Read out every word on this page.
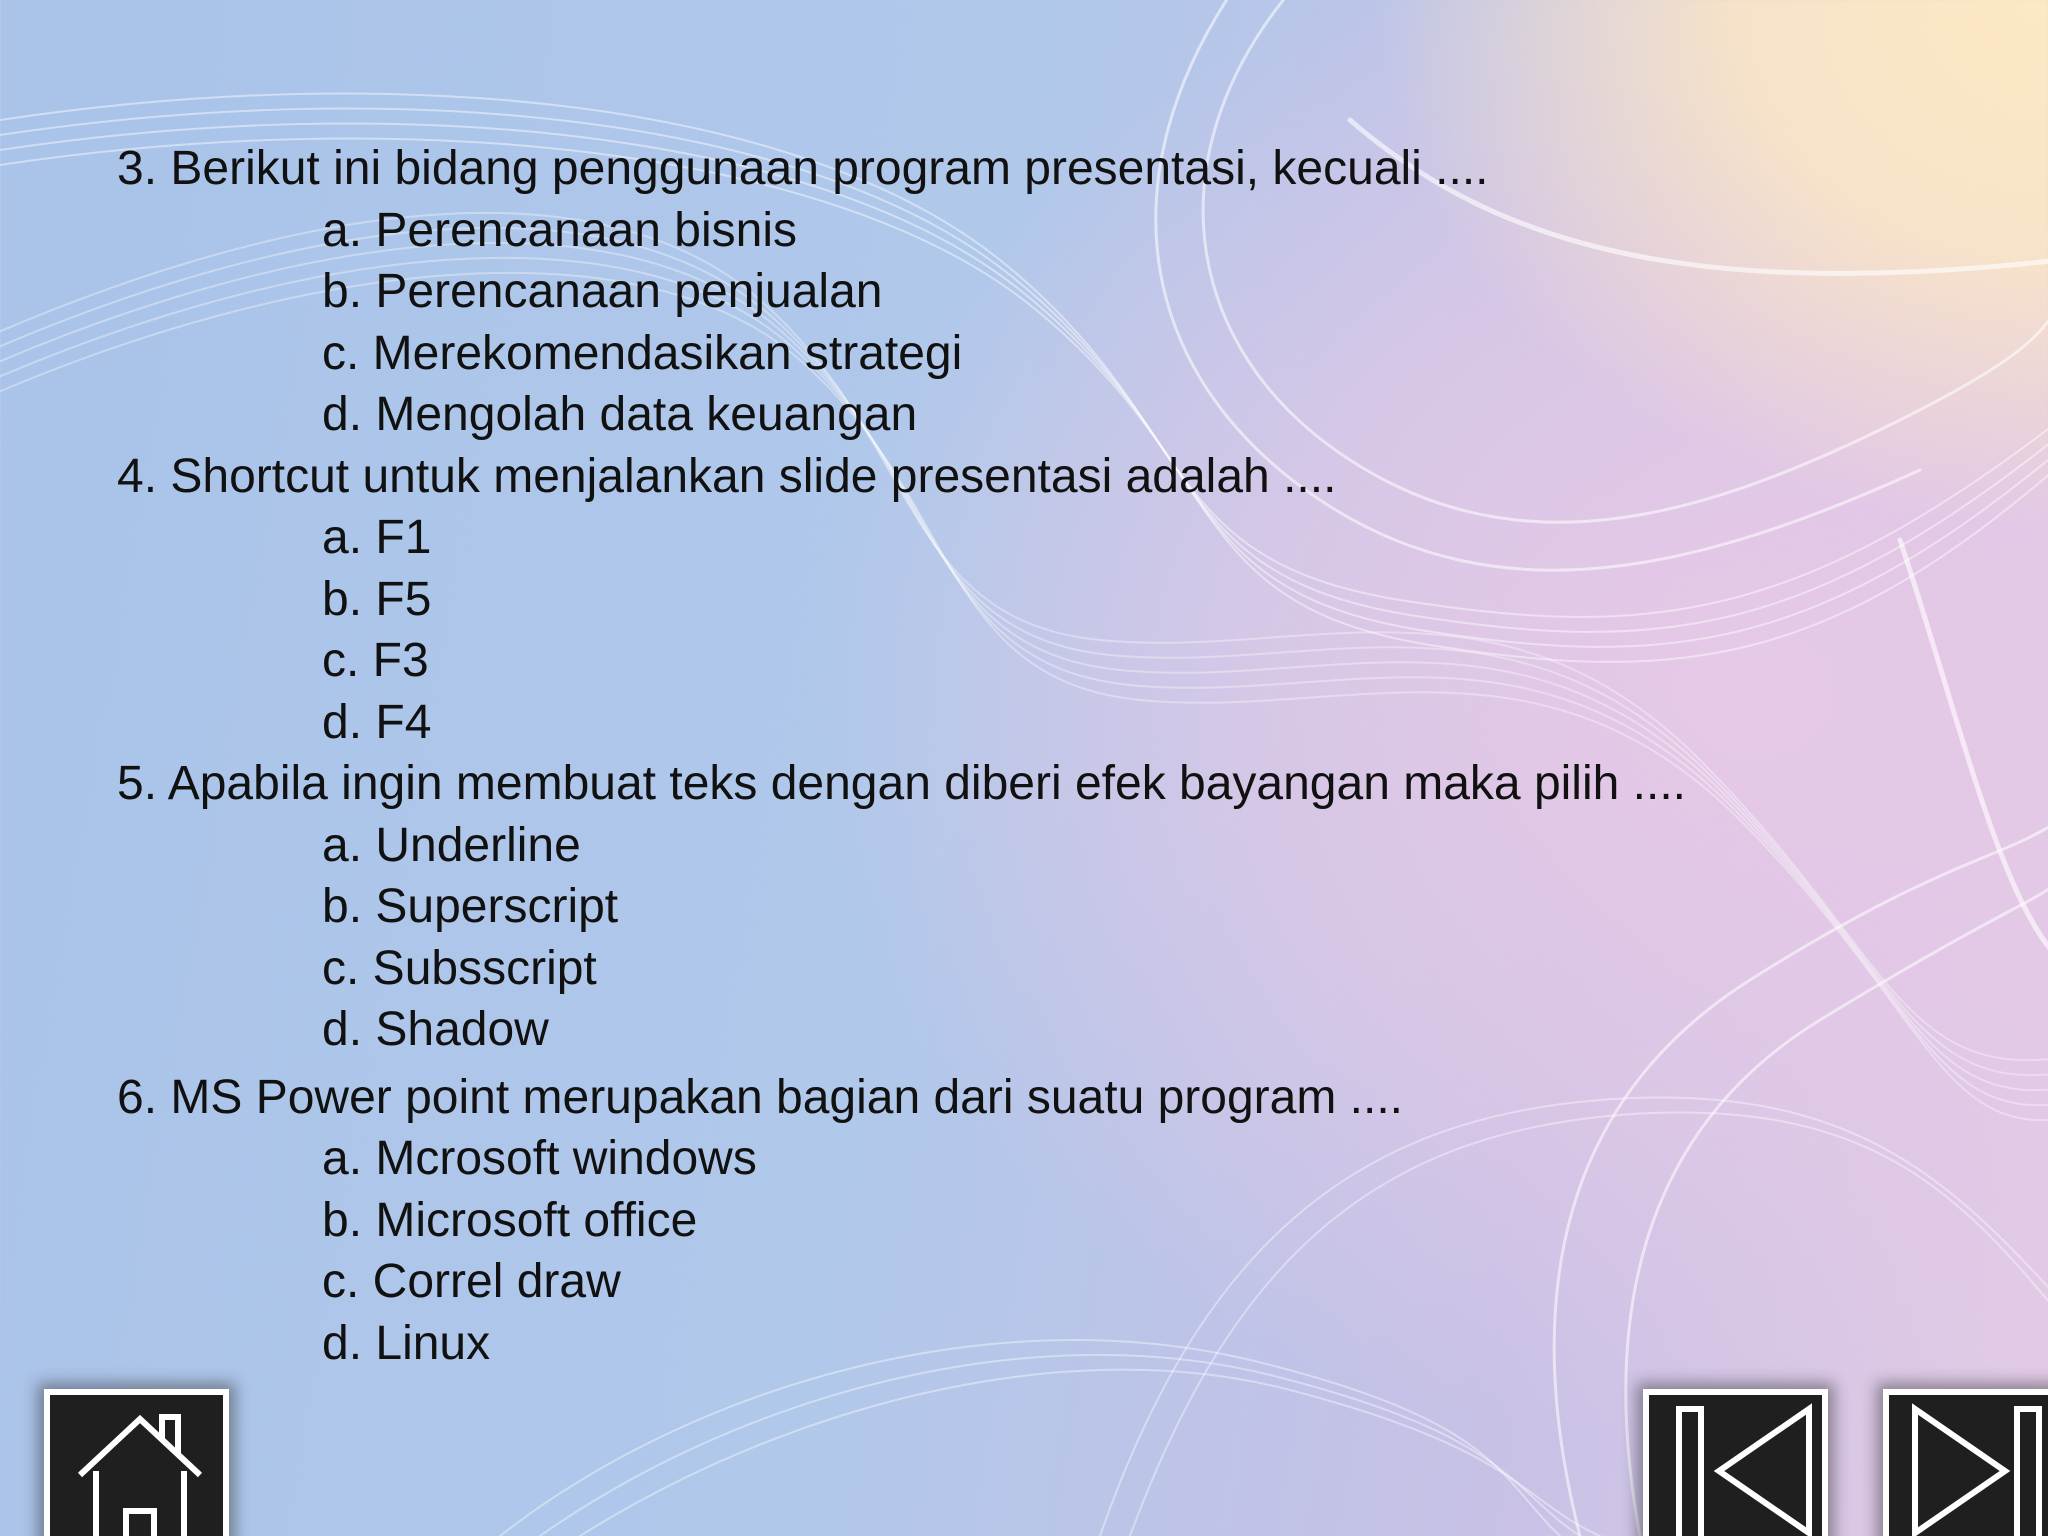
3. Berikut ini bidang penggunaan program presentasi, kecuali ....
a. Perencanaan bisnis
b. Perencanaan penjualan
c. Merekomendasikan strategi
d. Mengolah data keuangan
4. Shortcut untuk menjalankan slide presentasi adalah ....
a. F1
b. F5
c. F3
d. F4
5. Apabila ingin membuat teks dengan diberi efek bayangan maka pilih ....
a. Underline
b. Superscript
c. Subsscript
d. Shadow
6. MS Power point merupakan bagian dari suatu program ....
a. Mcrosoft windows
b. Microsoft office
c. Correl draw
d. Linux
